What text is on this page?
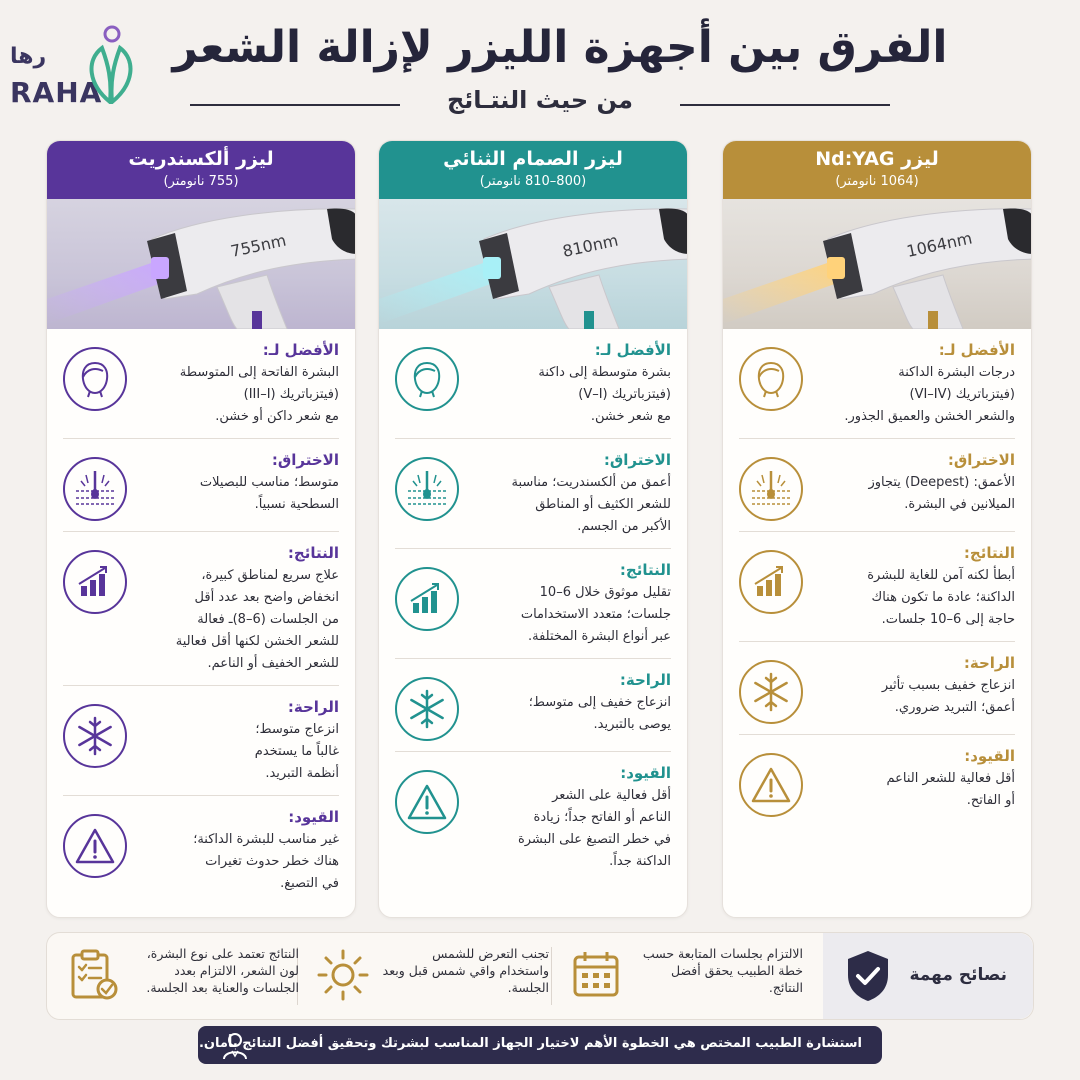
رها
RAHA
الفرق بين أجهزة الليزر لإزالة الشعر
من حيث النتـائج
ليزر ألكسندريت
(755 نانومتر)
755nm
الأفضل لـ:
البشرة الفاتحة إلى المتوسطة
(فيتزباتريك (III–I)
مع شعر داكن أو خشن.
الاختراق:
متوسط؛ مناسب للبصيلات
السطحية نسبياً.
النتائج:
علاج سريع لمناطق كبيرة،
انخفاض واضح بعد عدد أقل
من الجلسات (6–8)ـ فعالة
للشعر الخشن لكنها أقل فعالية
للشعر الخفيف أو الناعم.
الراحة:
انزعاج متوسط؛
غالباً ما يستخدم
أنظمة التبريد.
القيود:
غير مناسب للبشرة الداكنة؛
هناك خطر حدوث تغيرات
في التصبغ.
ليزر الصمام الثنائي
(800–810 نانومتر)
810nm
الأفضل لـ:
بشرة متوسطة إلى داكنة
(فيتزباتريك (V–I)
مع شعر خشن.
الاختراق:
أعمق من ألكسندريت؛ مناسبة
للشعر الكثيف أو المناطق
الأكبر من الجسم.
النتائج:
تقليل موثوق خلال 6–10
جلسات؛ متعدد الاستخدامات
عبر أنواع البشرة المختلفة.
الراحة:
انزعاج خفيف إلى متوسط؛
يوصى بالتبريد.
القيود:
أقل فعالية على الشعر
الناعم أو الفاتح جداً؛ زيادة
في خطر التصبغ على البشرة
الداكنة جداً.
ليزر Nd:YAG
(1064 نانومتر)
1064nm
الأفضل لـ:
درجات البشرة الداكنة
(فيتزباتريك (VI–IV)
والشعر الخشن والعميق الجذور.
الاختراق:
الأعمق: (Deepest) يتجاوز
الميلانين في البشرة.
النتائج:
أبطأ لكنه آمن للغاية للبشرة
الداكنة؛ عادة ما تكون هناك
حاجة إلى 6–10 جلسات.
الراحة:
انزعاج خفيف بسبب تأثير
أعمق؛ التبريد ضروري.
القيود:
أقل فعالية للشعر الناعم
أو الفاتح.
نصائح مهمة
الالتزام بجلسات المتابعة حسب خطة الطبيب يحقق أفضل النتائج.
تجنب التعرض للشمس واستخدام واقي شمس قبل وبعد الجلسة.
النتائج تعتمد على نوع البشرة، لون الشعر، الالتزام بعدد الجلسات والعناية بعد الجلسة.
استشارة الطبيب المختص هي الخطوة الأهم لاختيار الجهاز المناسب لبشرتك وتحقيق أفضل النتائج بأمان.
